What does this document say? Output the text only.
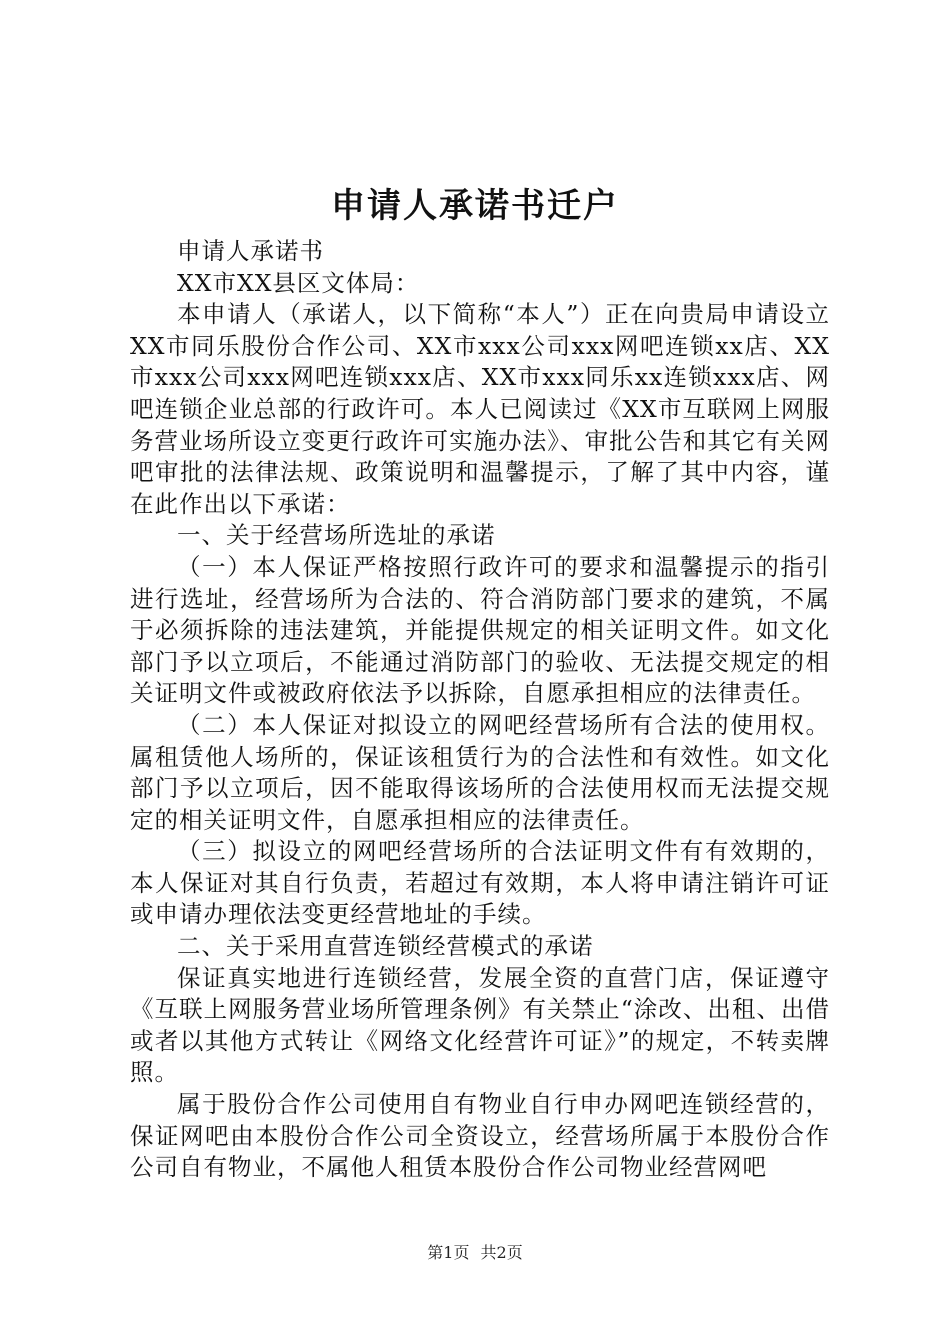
申请人承诺书迁户

申请人承诺书

XX市XX县区文体局：

本申请人（承诺人，以下简称“本人”）正在向贵局申请设立XX市同乐股份合作公司、XX市xxx公司xxx网吧连锁xx店、XX市xxx公司xxx网吧连锁xxx店、XX市xxx同乐xx连锁xxx店、网吧连锁企业总部的行政许可。本人已阅读过《XX市互联网上网服务营业场所设立变更行政许可实施办法》、审批公告和其它有关网吧审批的法律法规、政策说明和温馨提示，了解了其中内容，谨在此作出以下承诺：

一、关于经营场所选址的承诺

（一）本人保证严格按照行政许可的要求和温馨提示的指引进行选址，经营场所为合法的、符合消防部门要求的建筑，不属于必须拆除的违法建筑，并能提供规定的相关证明文件。如文化部门予以立项后，不能通过消防部门的验收、无法提交规定的相关证明文件或被政府依法予以拆除，自愿承担相应的法律责任。

（二）本人保证对拟设立的网吧经营场所有合法的使用权。属租赁他人场所的，保证该租赁行为的合法性和有效性。如文化部门予以立项后，因不能取得该场所的合法使用权而无法提交规定的相关证明文件，自愿承担相应的法律责任。

（三）拟设立的网吧经营场所的合法证明文件有有效期的，本人保证对其自行负责，若超过有效期，本人将申请注销许可证或申请办理依法变更经营地址的手续。

二、关于采用直营连锁经营模式的承诺

保证真实地进行连锁经营，发展全资的直营门店，保证遵守《互联上网服务营业场所管理条例》有关禁止“涂改、出租、出借或者以其他方式转让《网络文化经营许可证》”的规定，不转卖牌照。

属于股份合作公司使用自有物业自行申办网吧连锁经营的，保证网吧由本股份合作公司全资设立，经营场所属于本股份合作公司自有物业，不属他人租赁本股份合作公司物业经营网吧

第1页 共2页
